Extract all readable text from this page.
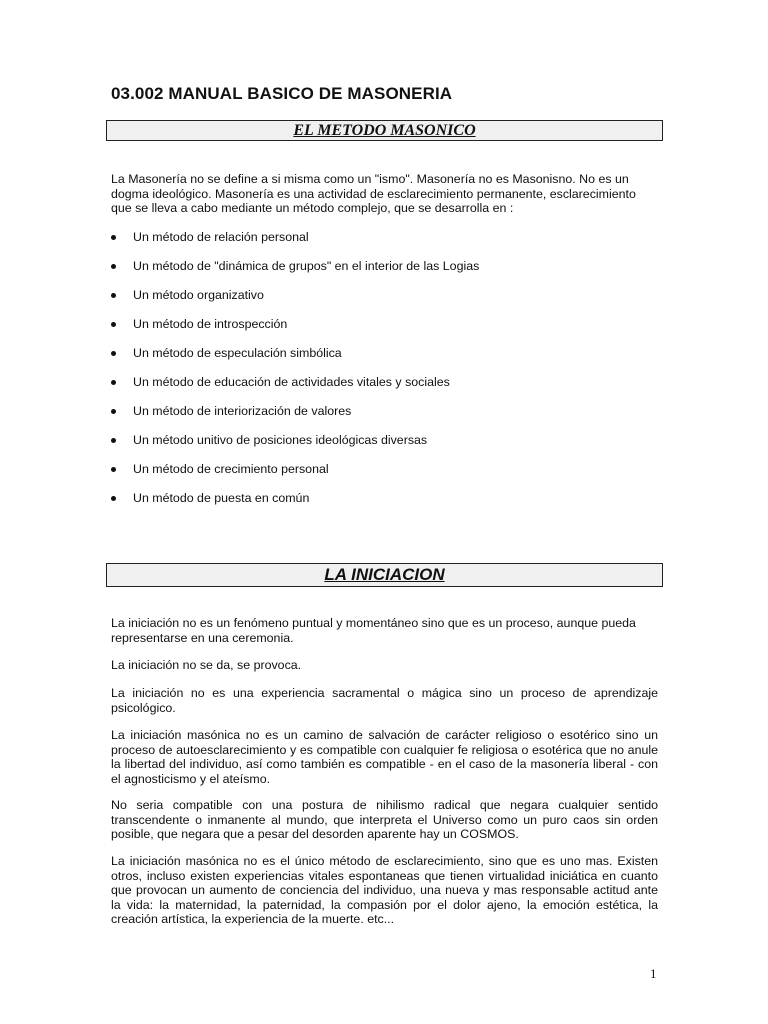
03.002 MANUAL BASICO DE MASONERIA
EL METODO MASONICO
La Masonería no se define a si misma como un "ismo". Masonería no es Masonisno. No es un dogma ideológico. Masonería es una actividad de esclarecimiento permanente, esclarecimiento que se lleva a cabo mediante un método complejo, que se desarrolla en :
Un método de relación personal
Un método de "dinámica de grupos" en el interior de las Logias
Un método organizativo
Un método de introspección
Un método de especulación simbólica
Un método de educación de actividades vitales y sociales
Un método de interiorización de valores
Un método unitivo de posiciones ideológicas diversas
Un método de crecimiento personal
Un método de puesta en común
LA INICIACION
La iniciación no es un fenómeno puntual y momentáneo sino que es un proceso, aunque pueda representarse en una ceremonia.
La iniciación no se da, se provoca.
La iniciación no es una experiencia sacramental o mágica sino un proceso de aprendizaje psicológico.
La iniciación masónica no es un camino de salvación de carácter religioso o esotérico sino un proceso de autoesclarecimiento y es compatible con cualquier fe religiosa o esotérica que no anule la libertad del individuo, así como también es compatible - en el caso de la masonería liberal - con el agnosticismo y el ateísmo.
No seria compatible con una postura de nihilismo radical que negara cualquier sentido transcendente o inmanente al mundo, que interpreta el Universo como un puro caos sin orden posible, que negara que a pesar del desorden aparente hay un COSMOS.
La iniciación masónica no es el único método de esclarecimiento, sino que es uno mas. Existen otros, incluso existen experiencias vitales espontaneas que tienen virtualidad iniciática en cuanto que provocan un aumento de conciencia del individuo, una nueva y mas responsable actitud ante la vida: la maternidad, la paternidad, la compasión por el dolor ajeno, la emoción estética, la creación artística, la experiencia de la muerte. etc...
1
